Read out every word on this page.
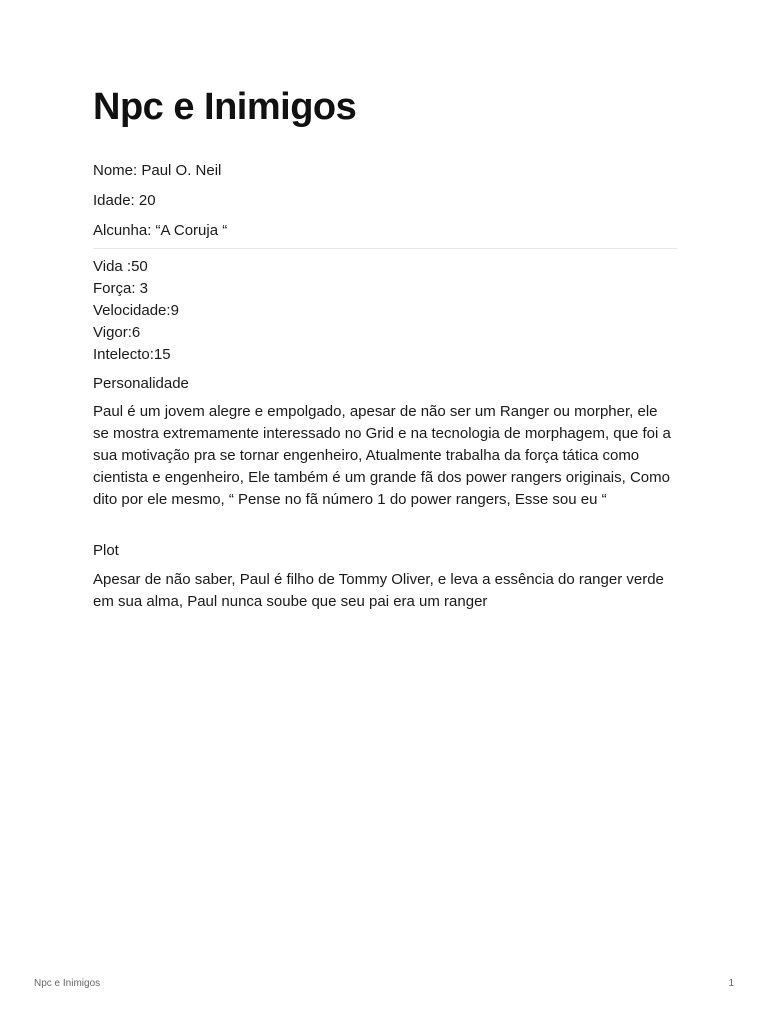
Npc e Inimigos
Nome: Paul O. Neil
Idade: 20
Alcunha: “A Coruja “
Vida :50
Força: 3
Velocidade:9
Vigor:6
Intelecto:15
Personalidade

Paul é um jovem alegre e empolgado, apesar de não ser um Ranger ou morpher, ele se mostra extremamente interessado no Grid e na tecnologia de morphagem, que foi a sua motivação pra se tornar engenheiro, Atualmente trabalha da força tática como cientista e engenheiro, Ele também é um grande fã dos power rangers originais, Como dito por ele mesmo, “ Pense no fã número 1 do power rangers, Esse sou eu “

Plot

Apesar de não saber, Paul é filho de Tommy Oliver, e leva a essência do ranger verde em sua alma, Paul nunca soube que seu pai era um ranger

Npc e Inimigos	1
